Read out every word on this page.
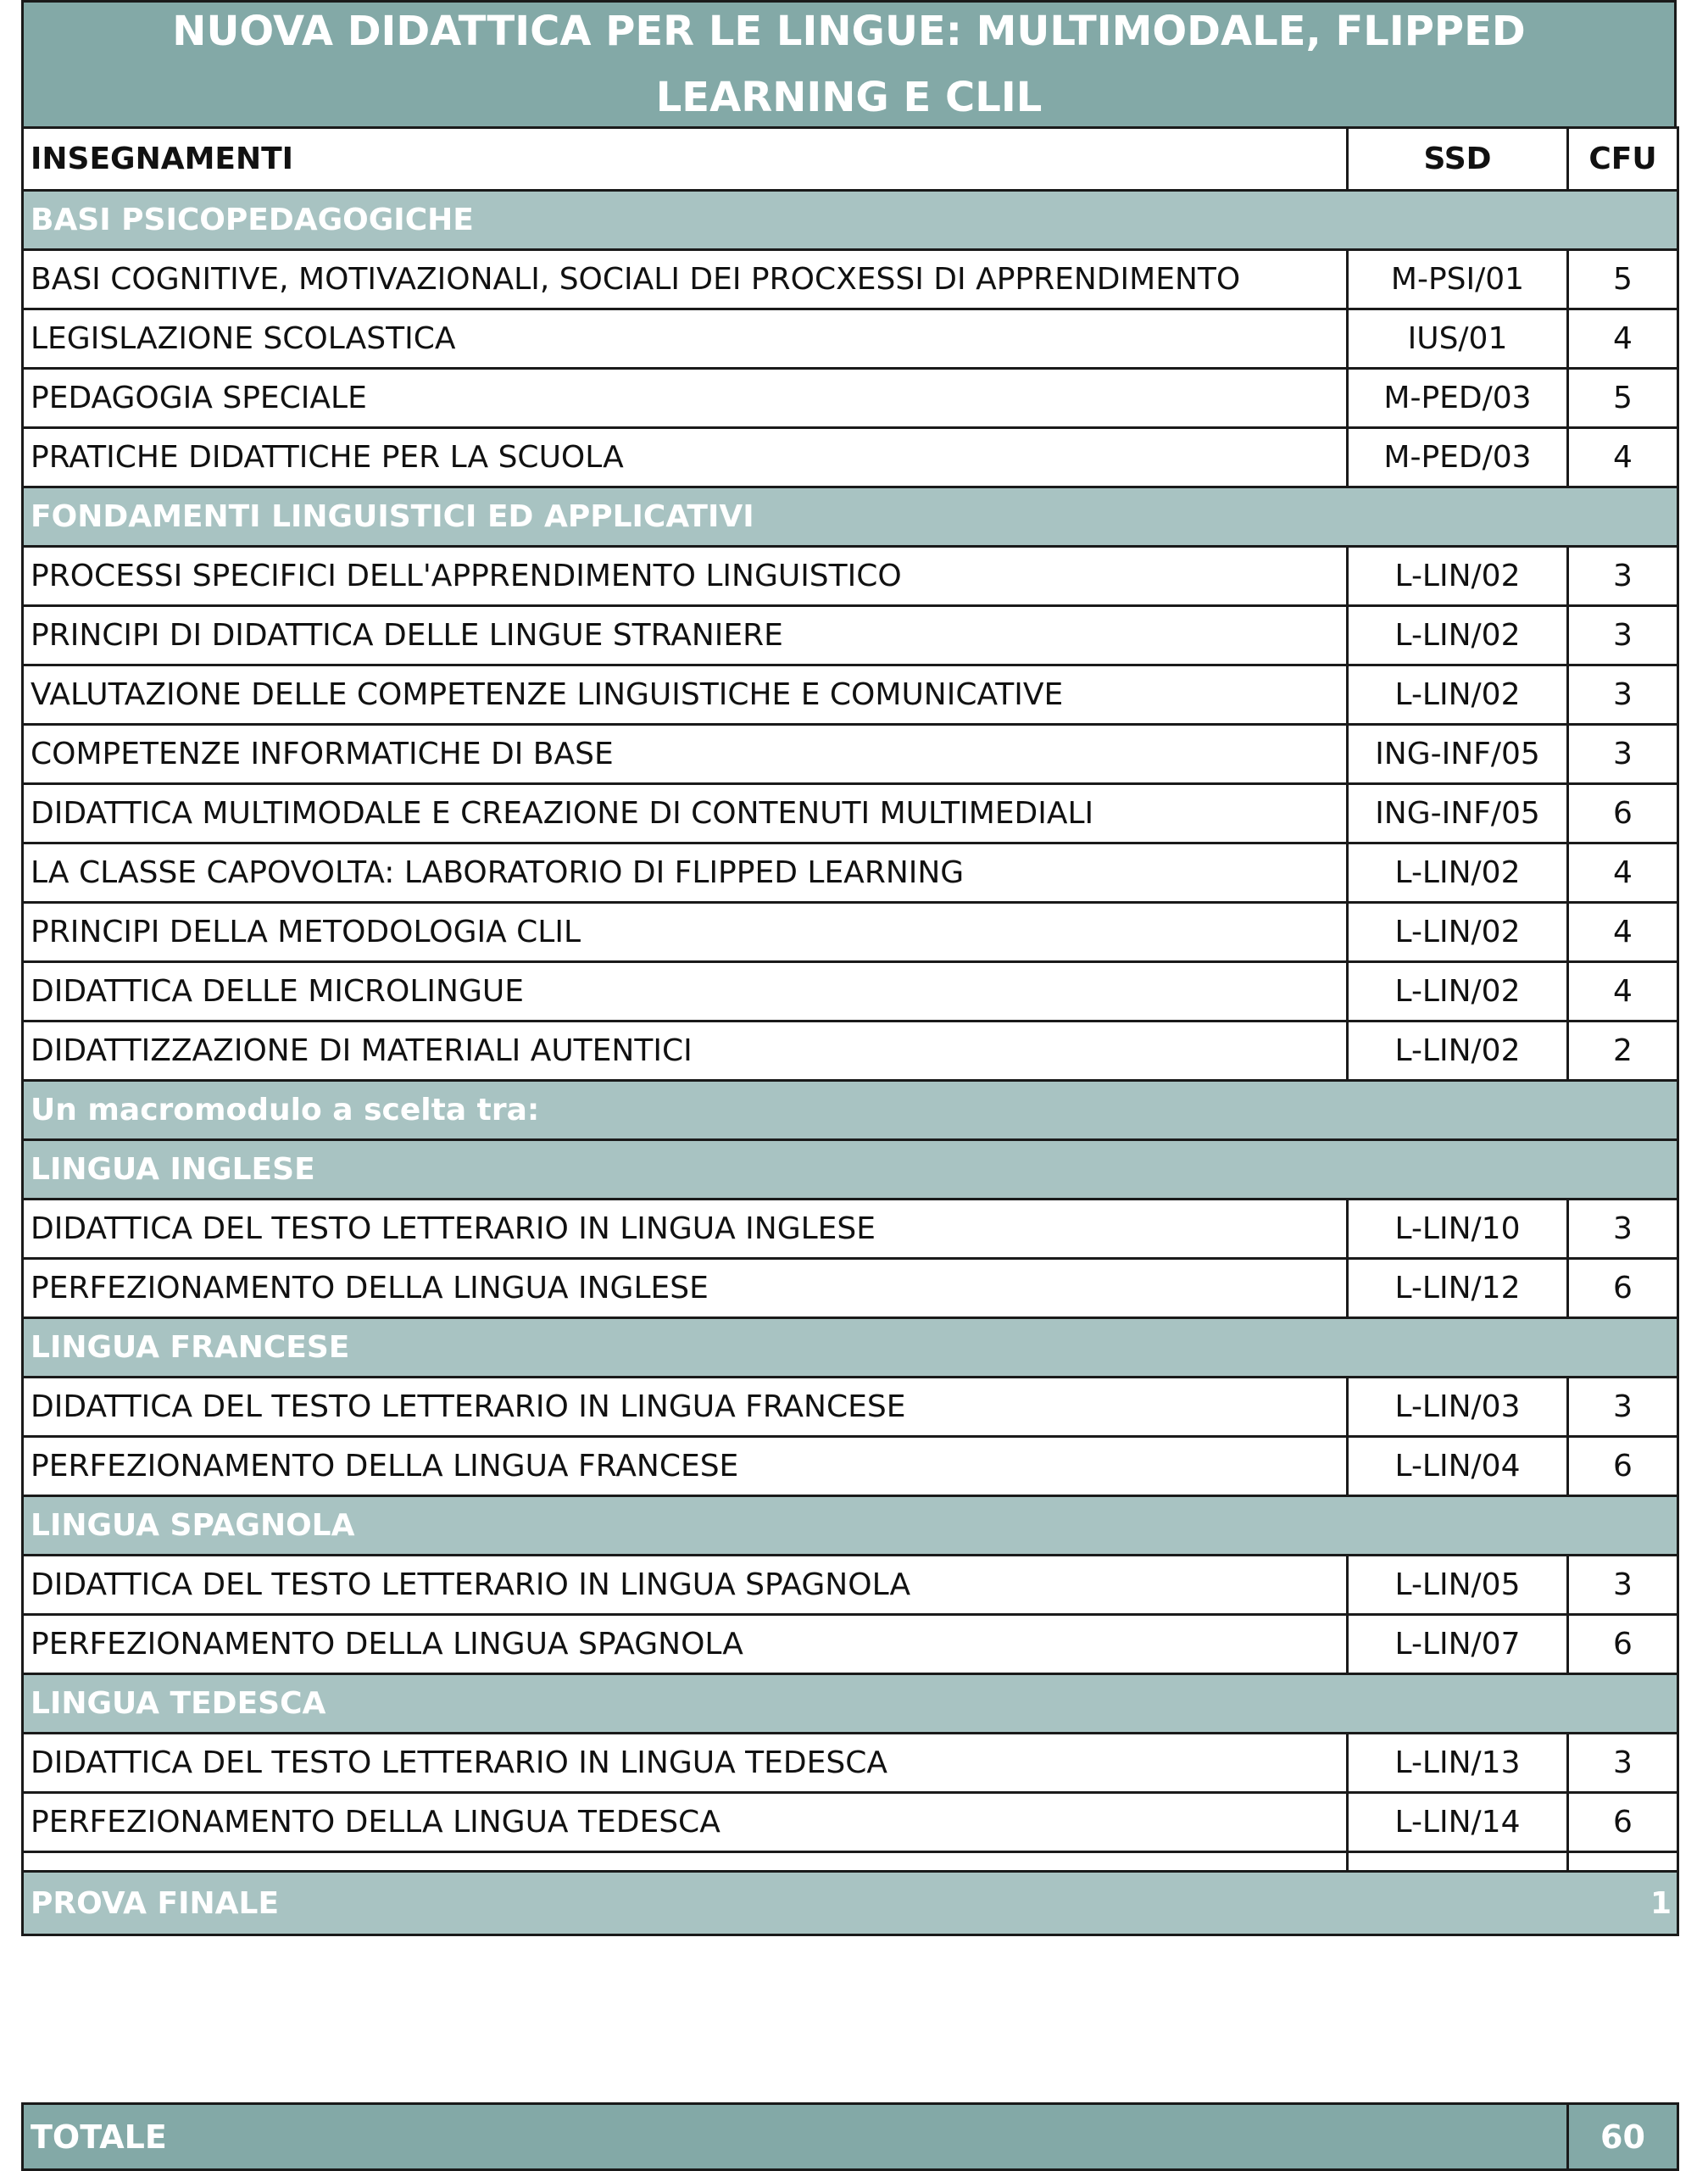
NUOVA DIDATTICA PER LE LINGUE: MULTIMODALE, FLIPPED LEARNING E CLIL
INSEGNAMENTI	SSD	CFU
BASI PSICOPEDAGOGICHE		
BASI COGNITIVE, MOTIVAZIONALI, SOCIALI DEI PROCXESSI DI APPRENDIMENTO	M-PSI/01	5
LEGISLAZIONE SCOLASTICA	IUS/01	4
PEDAGOGIA SPECIALE	M-PED/03	5
PRATICHE DIDATTICHE PER LA SCUOLA	M-PED/03	4
FONDAMENTI LINGUISTICI ED APPLICATIVI		
PROCESSI SPECIFICI DELL'APPRENDIMENTO LINGUISTICO	L-LIN/02	3
PRINCIPI DI DIDATTICA DELLE LINGUE STRANIERE	L-LIN/02	3
VALUTAZIONE DELLE COMPETENZE LINGUISTICHE E COMUNICATIVE	L-LIN/02	3
COMPETENZE INFORMATICHE DI BASE	ING-INF/05	3
DIDATTICA MULTIMODALE E CREAZIONE DI CONTENUTI MULTIMEDIALI	ING-INF/05	6
LA CLASSE CAPOVOLTA: LABORATORIO DI FLIPPED LEARNING	L-LIN/02	4
PRINCIPI DELLA METODOLOGIA CLIL	L-LIN/02	4
DIDATTICA DELLE MICROLINGUE	L-LIN/02	4
DIDATTIZZAZIONE DI MATERIALI AUTENTICI	L-LIN/02	2
Un macromodulo a scelta tra:		
LINGUA INGLESE		
DIDATTICA DEL TESTO LETTERARIO IN LINGUA INGLESE	L-LIN/10	3
PERFEZIONAMENTO DELLA LINGUA INGLESE	L-LIN/12	6
LINGUA FRANCESE		
DIDATTICA DEL TESTO LETTERARIO IN LINGUA FRANCESE	L-LIN/03	3
PERFEZIONAMENTO DELLA LINGUA FRANCESE	L-LIN/04	6
LINGUA SPAGNOLA		
DIDATTICA DEL TESTO LETTERARIO IN LINGUA SPAGNOLA	L-LIN/05	3
PERFEZIONAMENTO DELLA LINGUA SPAGNOLA	L-LIN/07	6
LINGUA TEDESCA		
DIDATTICA DEL TESTO LETTERARIO IN LINGUA TEDESCA	L-LIN/13	3
PERFEZIONAMENTO DELLA LINGUA TEDESCA	L-LIN/14	6

PROVA FINALE		1
TOTALE	60
